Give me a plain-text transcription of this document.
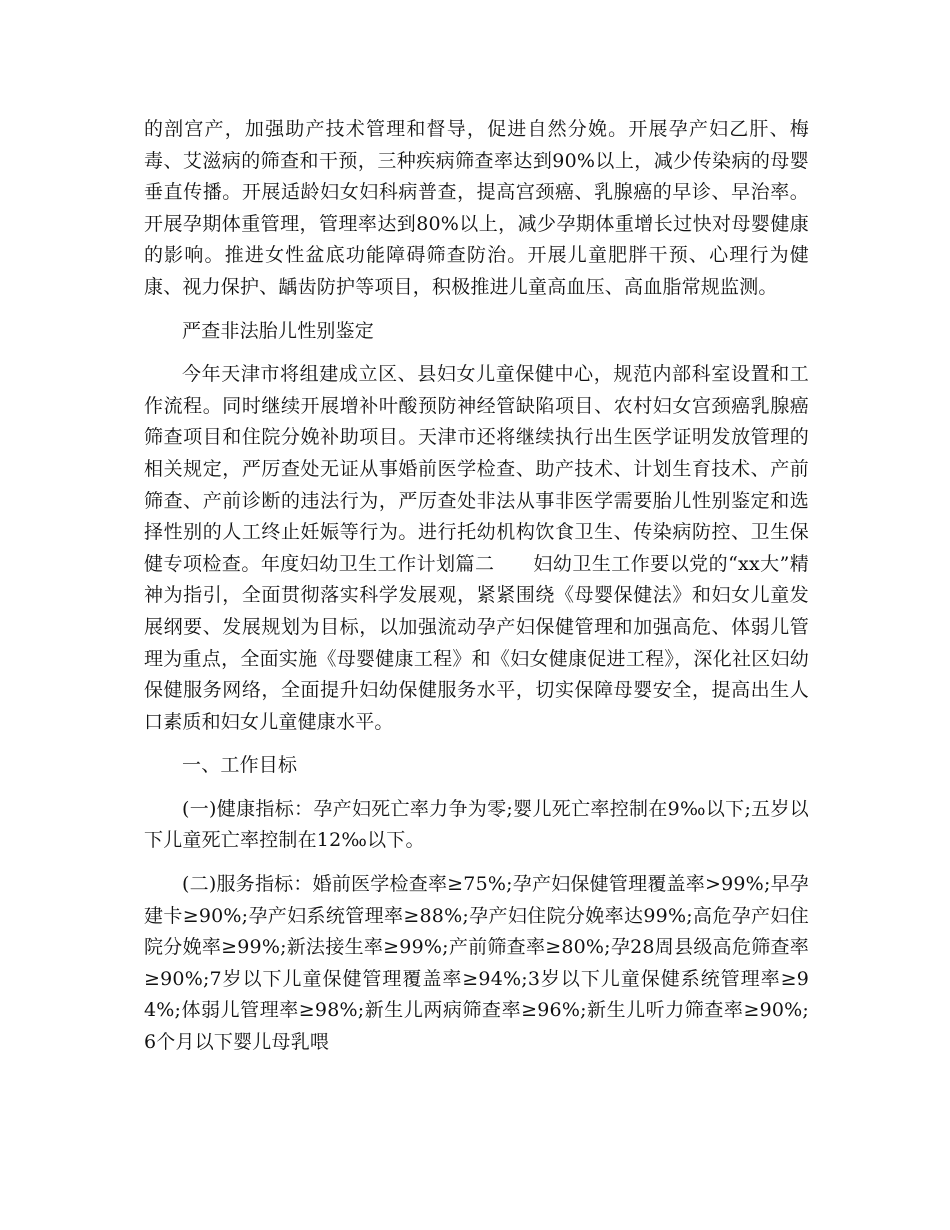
的剖宫产，加强助产技术管理和督导，促进自然分娩。开展孕产妇乙肝、梅毒、艾滋病的筛查和干预，三种疾病筛查率达到90%以上，减少传染病的母婴垂直传播。开展适龄妇女妇科病普查，提高宫颈癌、乳腺癌的早诊、早治率。开展孕期体重管理，管理率达到80%以上，减少孕期体重增长过快对母婴健康的影响。推进女性盆底功能障碍筛查防治。开展儿童肥胖干预、心理行为健康、视力保护、龋齿防护等项目，积极推进儿童高血压、高血脂常规监测。

严查非法胎儿性别鉴定

今年天津市将组建成立区、县妇女儿童保健中心，规范内部科室设置和工作流程。同时继续开展增补叶酸预防神经管缺陷项目、农村妇女宫颈癌乳腺癌筛查项目和住院分娩补助项目。天津市还将继续执行出生医学证明发放管理的相关规定，严厉查处无证从事婚前医学检查、助产技术、计划生育技术、产前筛查、产前诊断的违法行为，严厉查处非法从事非医学需要胎儿性别鉴定和选择性别的人工终止妊娠等行为。进行托幼机构饮食卫生、传染病防控、卫生保健专项检查。年度妇幼卫生工作计划篇二　　妇幼卫生工作要以党的“xx大”精神为指引，全面贯彻落实科学发展观，紧紧围绕《母婴保健法》和妇女儿童发展纲要、发展规划为目标，以加强流动孕产妇保健管理和加强高危、体弱儿管理为重点，全面实施《母婴健康工程》和《妇女健康促进工程》，深化社区妇幼保健服务网络，全面提升妇幼保健服务水平，切实保障母婴安全，提高出生人口素质和妇女儿童健康水平。

一、工作目标

(一)健康指标：孕产妇死亡率力争为零;婴儿死亡率控制在9‰以下;五岁以下儿童死亡率控制在12‰以下。

(二)服务指标：婚前医学检查率≥75%;孕产妇保健管理覆盖率>99%;早孕建卡≥90%;孕产妇系统管理率≥88%;孕产妇住院分娩率达99%;高危孕产妇住院分娩率≥99%;新法接生率≥99%;产前筛查率≥80%;孕28周县级高危筛查率≥90%;7岁以下儿童保健管理覆盖率≥94%;3岁以下儿童保健系统管理率≥94%;体弱儿管理率≥98%;新生儿两病筛查率≥96%;新生儿听力筛查率≥90%;6个月以下婴儿母乳喂
